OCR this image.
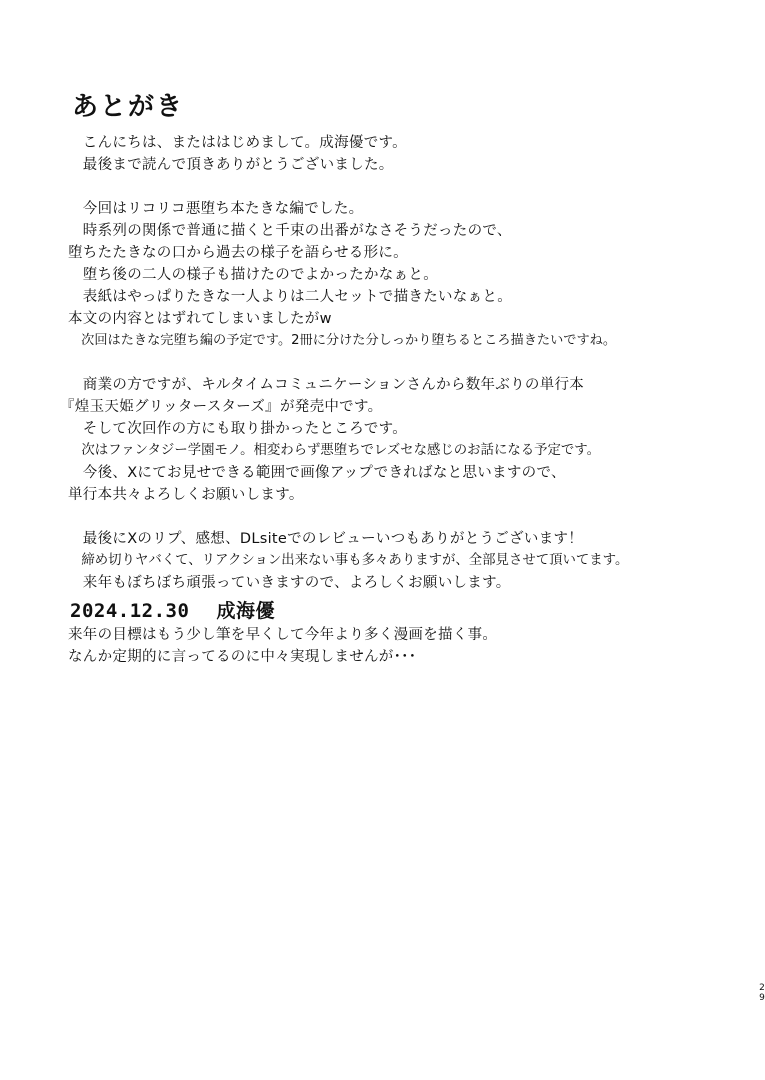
あとがき
　こんにちは、またははじめまして。成海優です。
　最後まで読んで頂きありがとうございました。
　今回はリコリコ悪堕ち本たきな編でした。
　時系列の関係で普通に描くと千束の出番がなさそうだったので、
堕ちたたきなの口から過去の様子を語らせる形に。
　堕ち後の二人の様子も描けたのでよかったかなぁと。
　表紙はやっぱりたきな一人よりは二人セットで描きたいなぁと。
本文の内容とはずれてしまいましたがw
　次回はたきな完堕ち編の予定です。2冊に分けた分しっかり堕ちるところ描きたいですね。
　商業の方ですが、キルタイムコミュニケーションさんから数年ぶりの単行本
『煌玉天姫グリッタースターズ』が発売中です。
　そして次回作の方にも取り掛かったところです。
　次はファンタジー学園モノ。相変わらず悪堕ちでレズセな感じのお話になる予定です。
　今後、Xにてお見せできる範囲で画像アップできればなと思いますので、
単行本共々よろしくお願いします。
　最後にXのリプ、感想、DLsiteでのレビューいつもありがとうございます！
　締め切りヤバくて、リアクション出来ない事も多々ありますが、全部見させて頂いてます。
　来年もぼちぼち頑張っていきますので、よろしくお願いします。
2024.12.30 成海優
来年の目標はもう少し筆を早くして今年より多く漫画を描く事。
なんか定期的に言ってるのに中々実現しませんが･･･
29
